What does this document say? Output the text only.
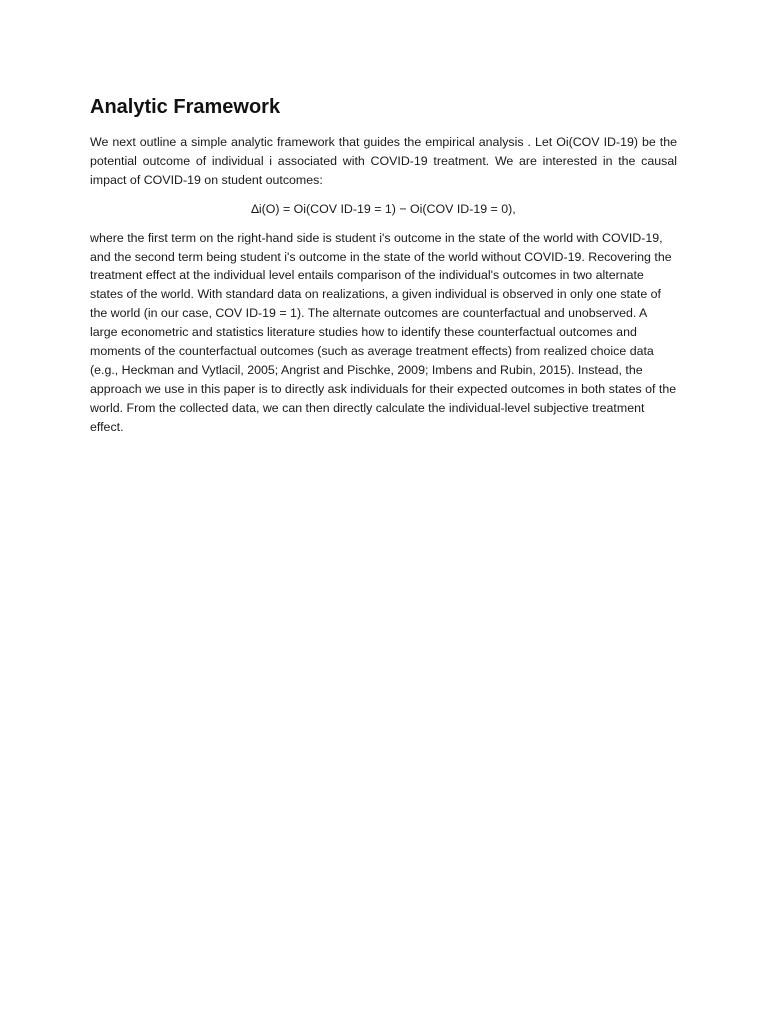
Analytic Framework

We next outline a simple analytic framework that guides the empirical analysis . Let Oi(COV ID-19) be the potential outcome of individual i associated with COVID-19 treatment. We are interested in the causal impact of COVID-19 on student outcomes:

∆i(O) = Oi(COV ID-19 = 1) − Oi(COV ID-19 = 0),

where the first term on the right-hand side is student i's outcome in the state of the world with COVID-19, and the second term being student i's outcome in the state of the world without COVID-19. Recovering the treatment effect at the individual level entails comparison of the individual's outcomes in two alternate states of the world. With standard data on realizations, a given individual is observed in only one state of the world (in our case, COV ID-19 = 1). The alternate outcomes are counterfactual and unobserved. A large econometric and statistics literature studies how to identify these counterfactual outcomes and moments of the counterfactual outcomes (such as average treatment effects) from realized choice data (e.g., Heckman and Vytlacil, 2005; Angrist and Pischke, 2009; Imbens and Rubin, 2015). Instead, the approach we use in this paper is to directly ask individuals for their expected outcomes in both states of the world. From the collected data, we can then directly calculate the individual-level subjective treatment effect.
